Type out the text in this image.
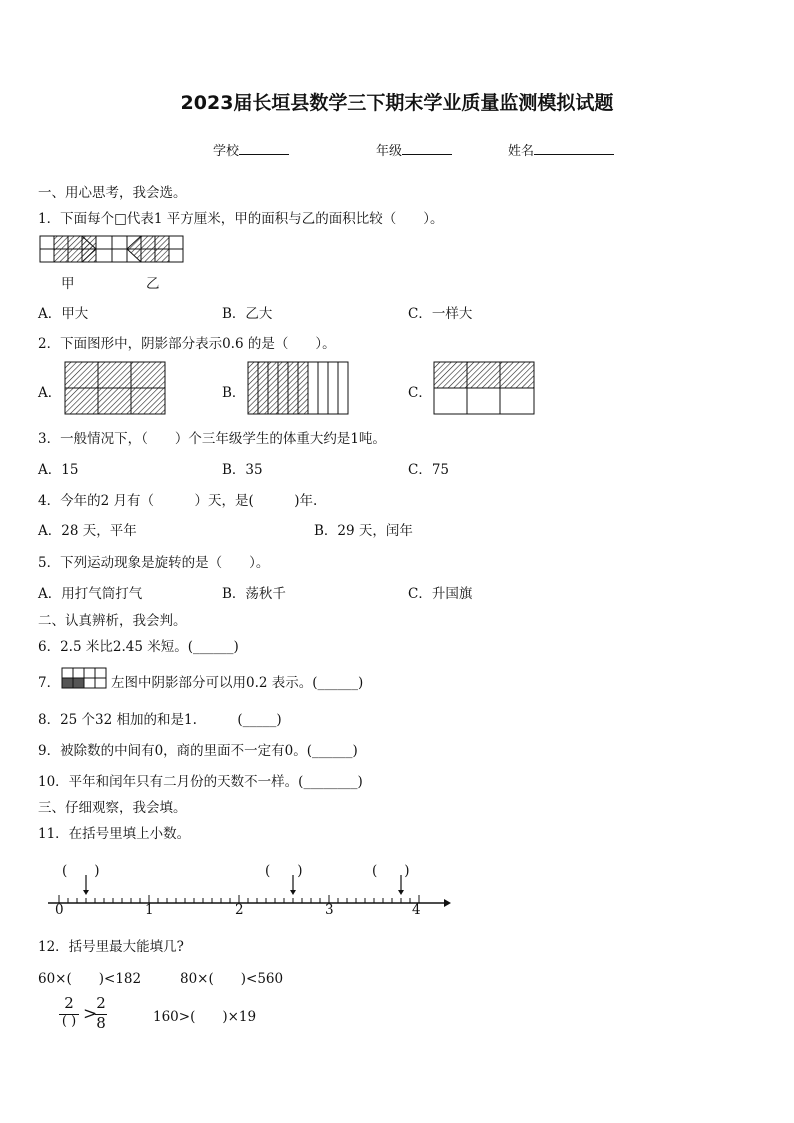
2023届长垣县数学三下期末学业质量监测模拟试题
学校	年级	姓名
一、用心思考，我会选。
1．下面每个□代表1 平方厘米，甲的面积与乙的面积比较（　　）。
甲	乙
A．甲大	B．乙大	C．一样大
2．下面图形中，阴影部分表示0.6 的是（　　）。
A．	B．	C．
3．一般情况下，（　　）个三年级学生的体重大约是1吨。
A．15	B．35	C．75
4．今年的2 月有（　　　）天，是(　　　)年.
A．28 天，平年	B．29 天，闰年
5．下列运动现象是旋转的是（　　）。
A．用打气筒打气	B．荡秋千	C．升国旗
二、认真辨析，我会判。
6．2.5 米比2.45 米短。(______)
7．	左图中阴影部分可以用0.2 表示。(______)
8．25 个32 相加的和是1.　　　(_____)
9．被除数的中间有0，商的里面不一定有0。(______)
10．平年和闰年只有二月份的天数不一样。(________)
三、仔细观察，我会填。
11．在括号里填上小数。
(　　)	(　　)	(　　)
0	1	2	3	4
12．括号里最大能填几?
60×(　　)<182	80×(　　)<560
2
( ) >
2
8	160>(　　)×19
